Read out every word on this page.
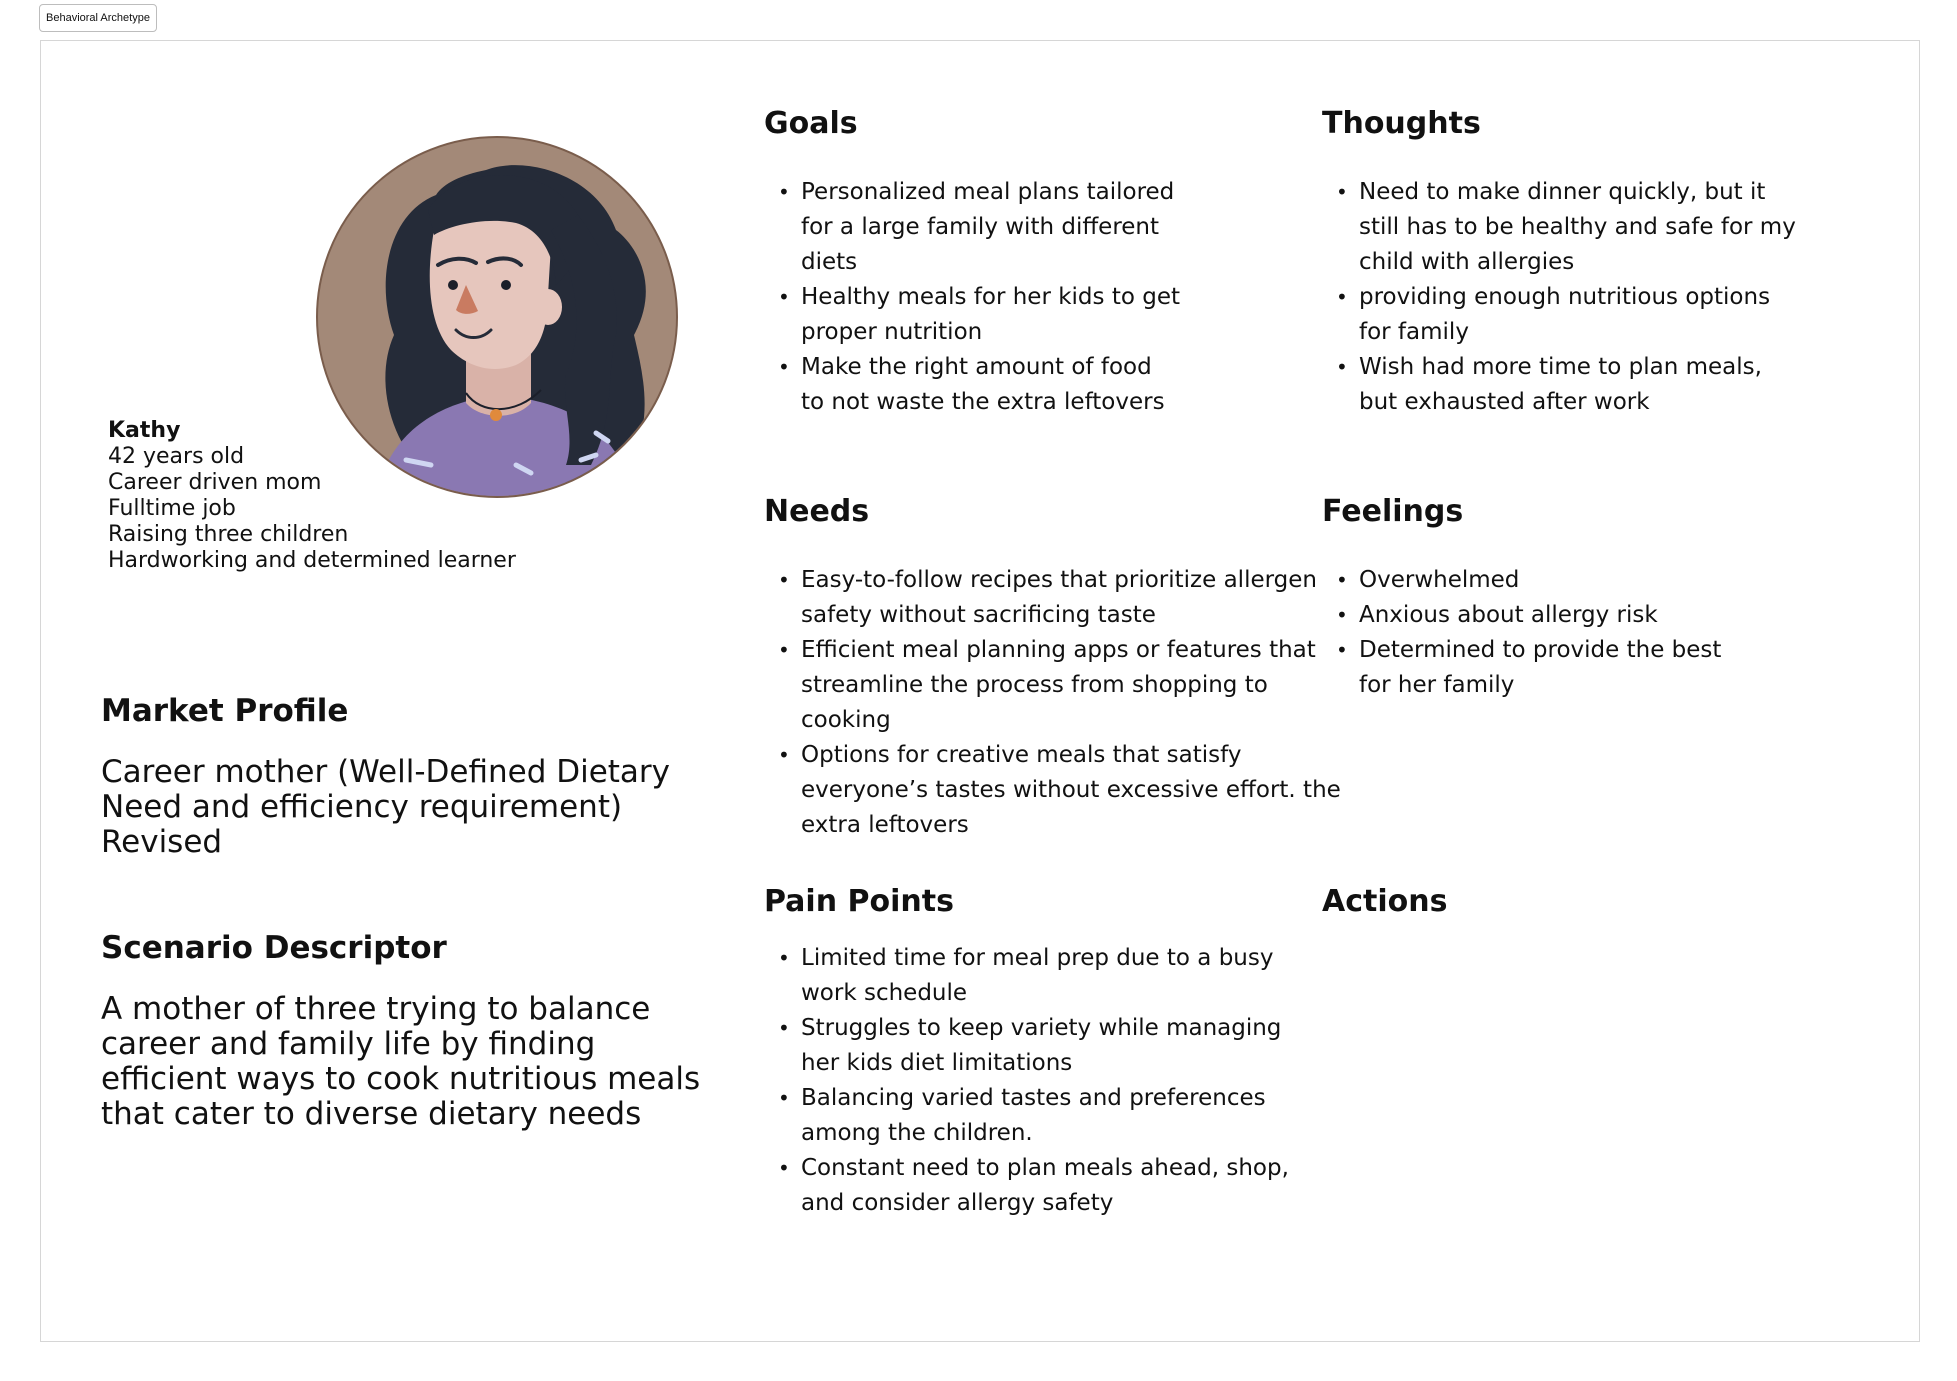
Behavioral Archetype
Kathy
42 years old
Career driven mom
Fulltime job
Raising three children
Hardworking and determined learner
Market Profile
Career mother (Well-Defined Dietary Need and efficiency requirement) Revised
Scenario Descriptor
A mother of three trying to balance career and family life by finding efficient ways to cook nutritious meals that cater to diverse dietary needs
Goals
• Personalized meal plans tailored for a large family with different diets
• Healthy meals for her kids to get proper nutrition
• Make the right amount of food to not waste the extra leftovers
Thoughts
• Need to make dinner quickly, but it still has to be healthy and safe for my child with allergies
• providing enough nutritious options for family
• Wish had more time to plan meals, but exhausted after work
Needs
• Easy-to-follow recipes that prioritize allergen safety without sacrificing taste
• Efficient meal planning apps or features that streamline the process from shopping to cooking
• Options for creative meals that satisfy everyone’s tastes without excessive effort. the extra leftovers
Feelings
• Overwhelmed
• Anxious about allergy risk
• Determined to provide the best for her family
Pain Points
• Limited time for meal prep due to a busy work schedule
• Struggles to keep variety while managing her kids diet limitations
• Balancing varied tastes and preferences among the children.
• Constant need to plan meals ahead, shop, and consider allergy safety
Actions
